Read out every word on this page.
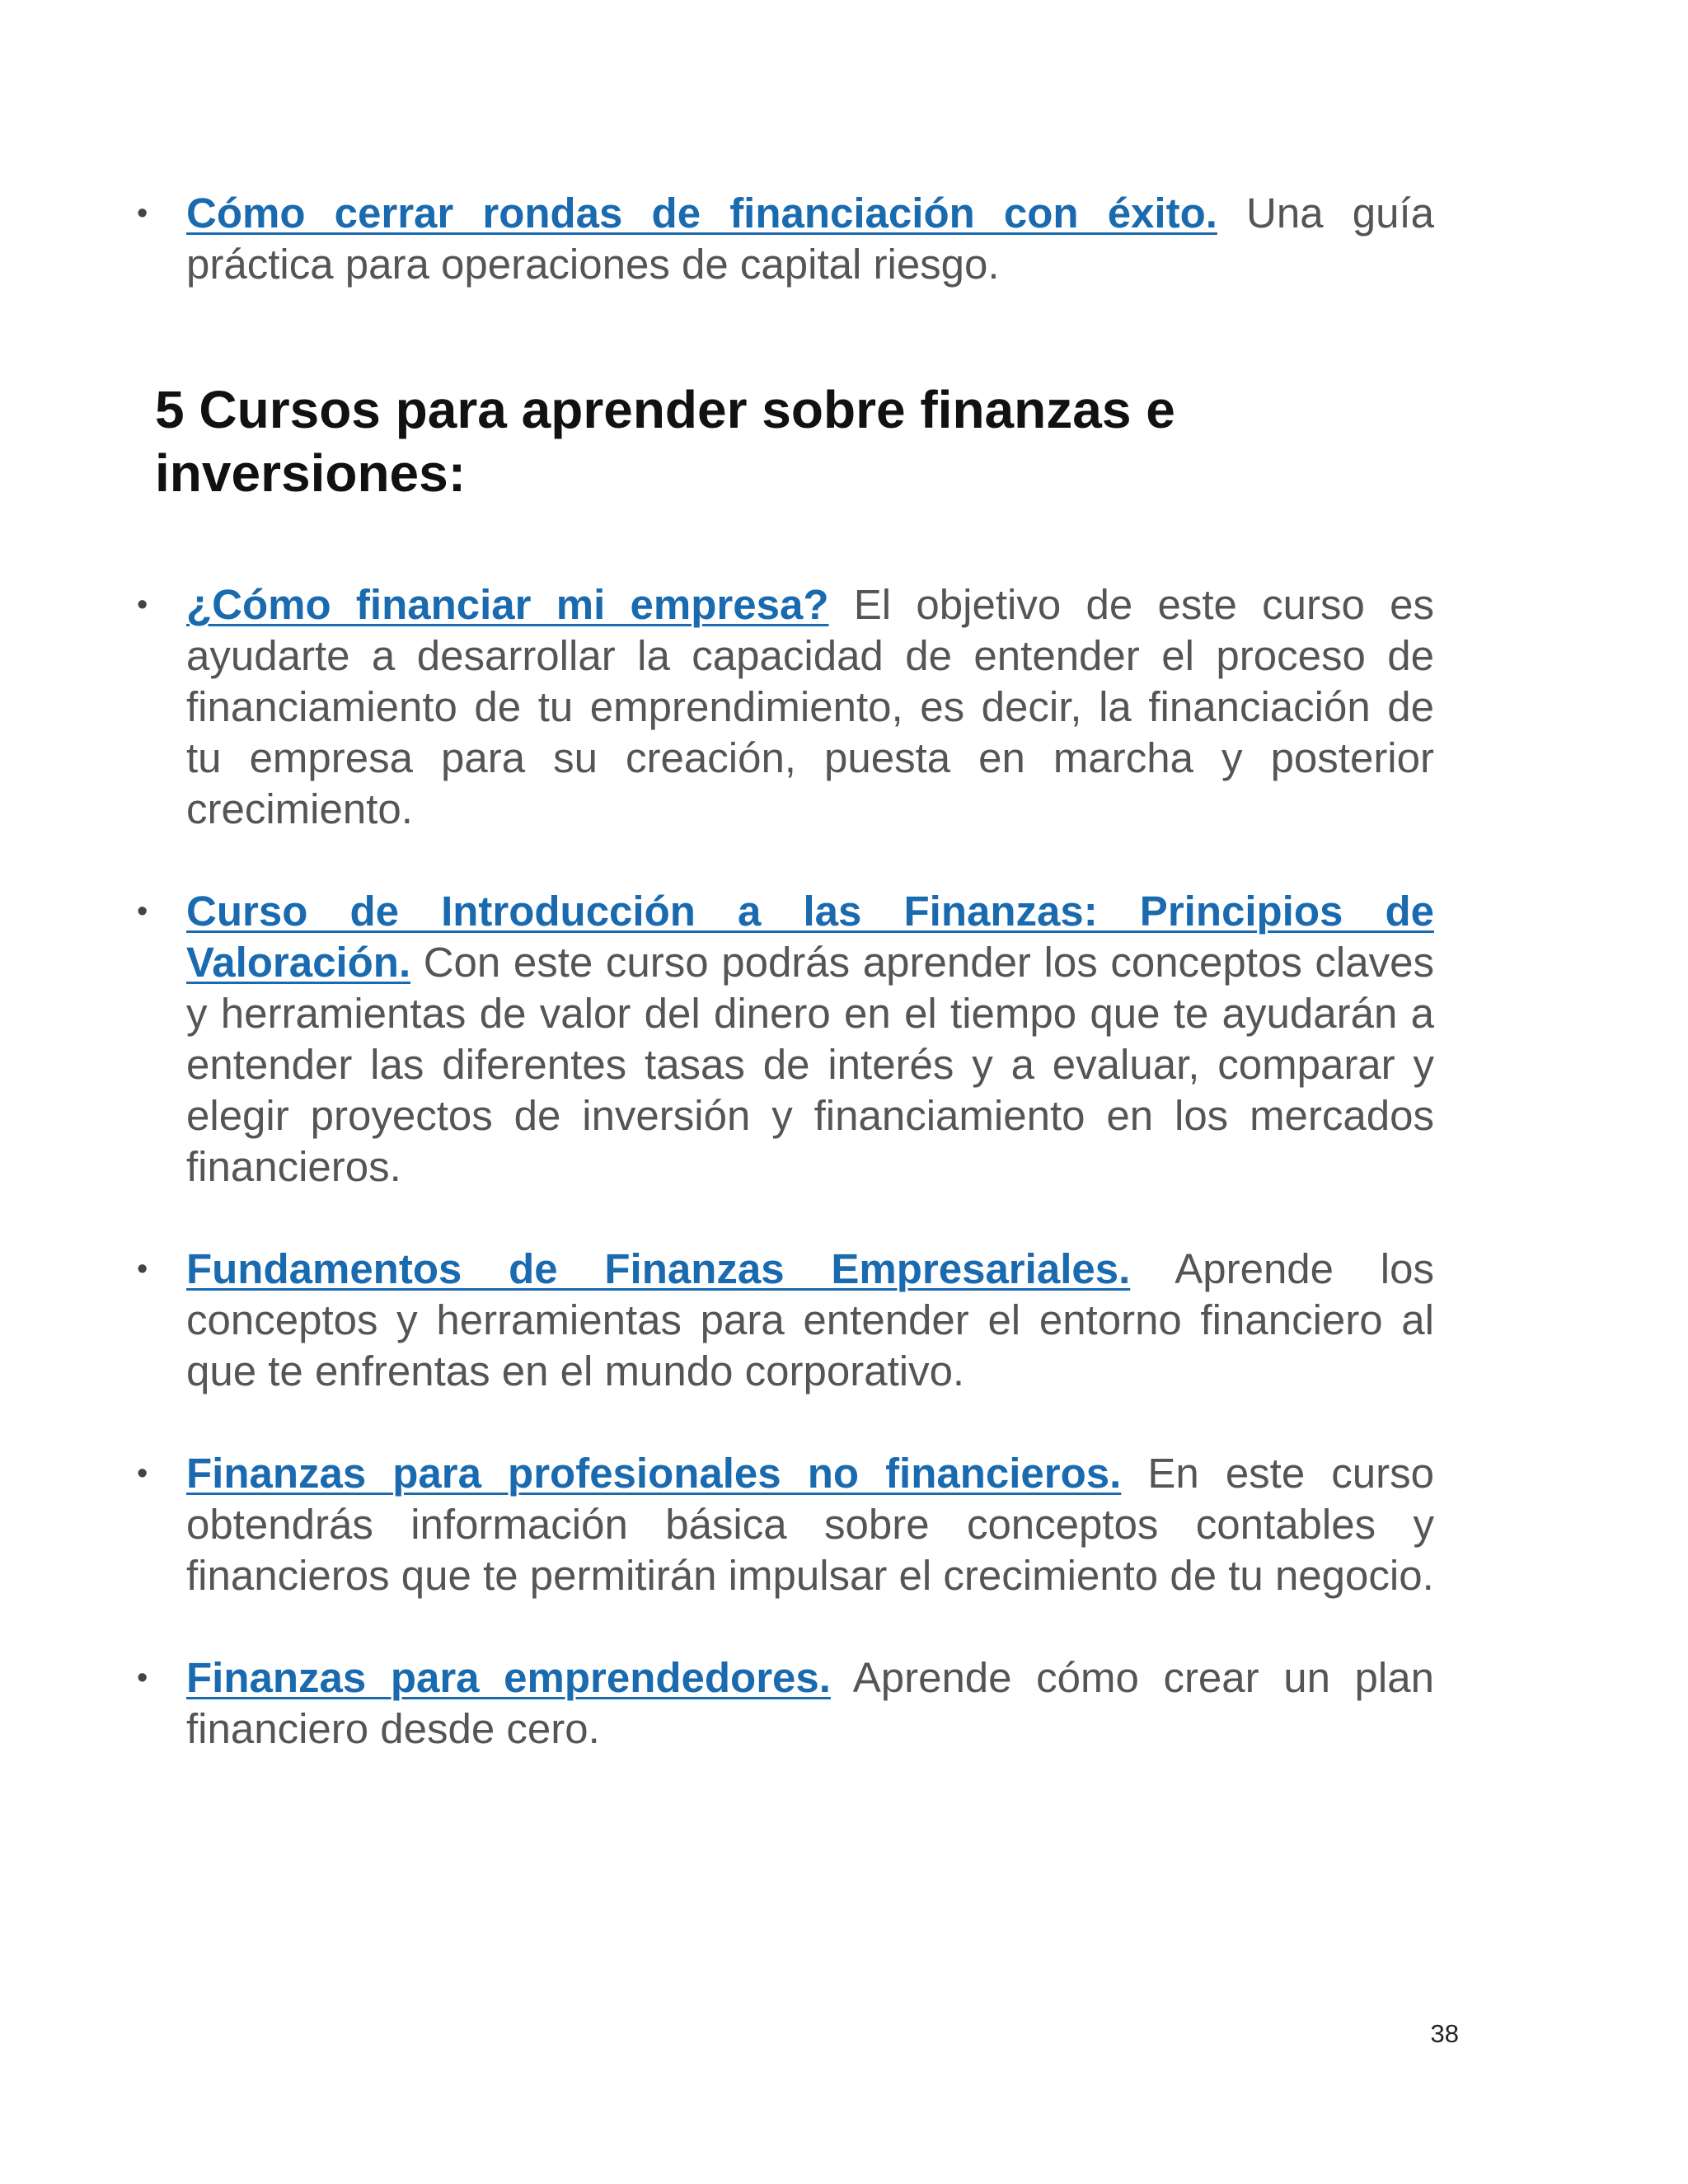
• Cómo cerrar rondas de financiación con éxito. Una guía práctica para operaciones de capital riesgo.
5 Cursos para aprender sobre finanzas e inversiones:
• ¿Cómo financiar mi empresa? El objetivo de este curso es ayudarte a desarrollar la capacidad de entender el proceso de financiamiento de tu emprendimiento, es decir, la financiación de tu empresa para su creación, puesta en marcha y posterior crecimiento.
• Curso de Introducción a las Finanzas: Principios de Valoración. Con este curso podrás aprender los conceptos claves y herramientas de valor del dinero en el tiempo que te ayudarán a entender las diferentes tasas de interés y a evaluar, comparar y elegir proyectos de inversión y financiamiento en los mercados financieros.
• Fundamentos de Finanzas Empresariales. Aprende los conceptos y herramientas para entender el entorno financiero al que te enfrentas en el mundo corporativo.
• Finanzas para profesionales no financieros. En este curso obtendrás información básica sobre conceptos contables y financieros que te permitirán impulsar el crecimiento de tu negocio.
• Finanzas para emprendedores. Aprende cómo crear un plan financiero desde cero.
38
